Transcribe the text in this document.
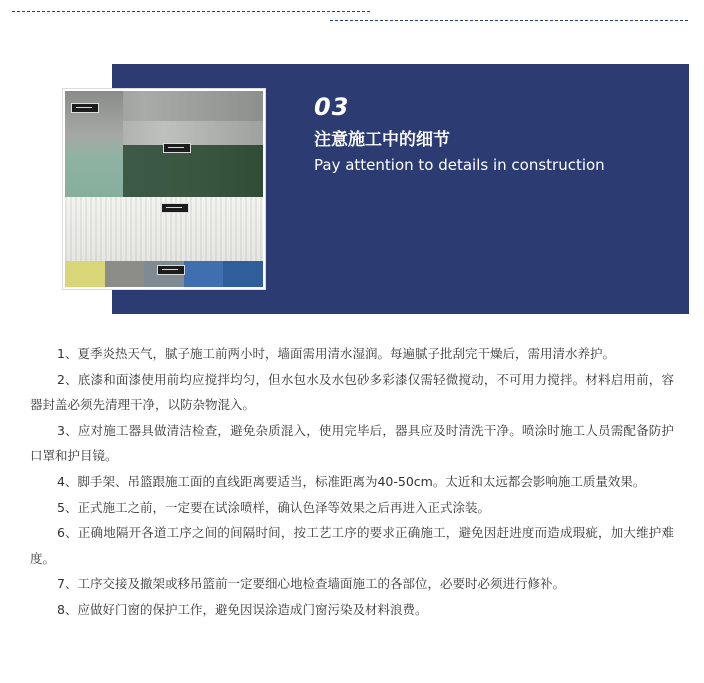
03
注意施工中的细节
Pay attention to details in construction
1、夏季炎热天气，腻子施工前两小时，墙面需用清水湿润。每遍腻子批刮完干燥后，需用清水养护。
2、底漆和面漆使用前均应搅拌均匀，但水包水及水包砂多彩漆仅需轻微搅动，不可用力搅拌。材料启用前，容器封盖必须先清理干净，以防杂物混入。
3、应对施工器具做清洁检查，避免杂质混入，使用完毕后，器具应及时清洗干净。喷涂时施工人员需配备防护口罩和护目镜。
4、脚手架、吊篮跟施工面的直线距离要适当，标准距离为40-50cm。太近和太远都会影响施工质量效果。
5、正式施工之前，一定要在试涂喷样，确认色泽等效果之后再进入正式涂装。
6、正确地隔开各道工序之间的间隔时间，按工艺工序的要求正确施工，避免因赶进度而造成瑕疵，加大维护难度。
7、工序交接及撤架或移吊篮前一定要细心地检查墙面施工的各部位，必要时必须进行修补。
8、应做好门窗的保护工作，避免因误涂造成门窗污染及材料浪费。
